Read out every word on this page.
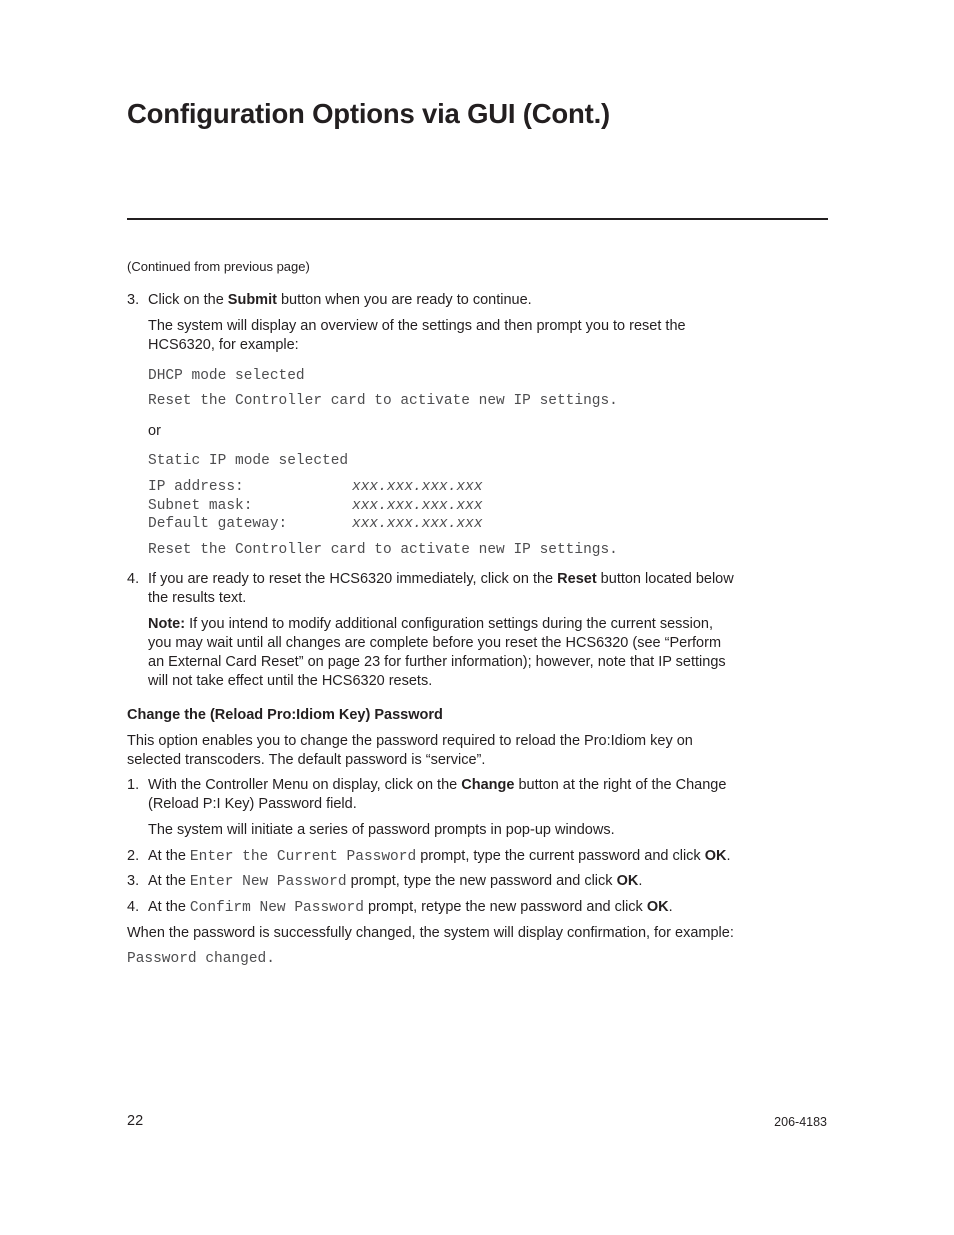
Configuration Options via GUI (Cont.)
(Continued from previous page)
3. Click on the Submit button when you are ready to continue.
The system will display an overview of the settings and then prompt you to reset the
HCS6320, for example:
DHCP mode selected
Reset the Controller card to activate new IP settings.
or
Static IP mode selected
IP address:	xxx.xxx.xxx.xxx
Subnet mask:	xxx.xxx.xxx.xxx
Default gateway:	xxx.xxx.xxx.xxx
Reset the Controller card to activate new IP settings.
4. If you are ready to reset the HCS6320 immediately, click on the Reset button located below
the results text.
Note: If you intend to modify additional configuration settings during the current session,
you may wait until all changes are complete before you reset the HCS6320 (see “Perform
an External Card Reset” on page 23 for further information); however, note that IP settings
will not take effect until the HCS6320 resets.
Change the (Reload Pro:Idiom Key) Password
This option enables you to change the password required to reload the Pro:Idiom key on
selected transcoders. The default password is “service”.
1. With the Controller Menu on display, click on the Change button at the right of the Change
(Reload P:I Key) Password field.
The system will initiate a series of password prompts in pop-up windows.
2. At the Enter the Current Password prompt, type the current password and click OK.
3. At the Enter New Password prompt, type the new password and click OK.
4. At the Confirm New Password prompt, retype the new password and click OK.
When the password is successfully changed, the system will display confirmation, for example:
Password changed.
22	206-4183
